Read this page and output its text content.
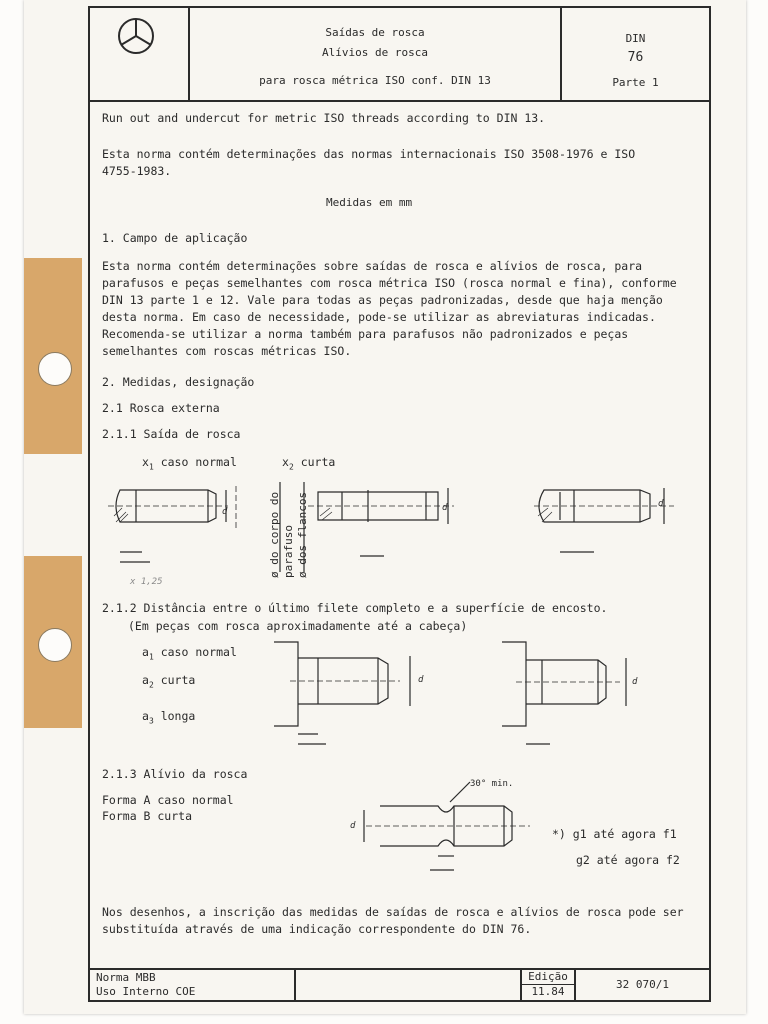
Saídas de rosca
Alívios de rosca
para rosca métrica ISO conf. DIN 13
DIN
76
Parte 1
Run out and undercut for metric ISO threads according to DIN 13.
Esta norma contém determinações das normas internacionais ISO 3508-1976 e ISO 4755-1983.
Medidas em mm
1. Campo de aplicação
Esta norma contém determinações sobre saídas de rosca e alívios de rosca, para parafusos e peças semelhantes com rosca métrica ISO (rosca normal e fina), conforme DIN 13 parte 1 e 12. Vale para todas as peças padronizadas, desde que haja menção desta norma. Em caso de necessidade, pode-se utilizar as abreviaturas indicadas. Recomenda-se utilizar a norma também para parafusos não padronizados e peças semelhantes com roscas métricas ISO.
2. Medidas, designação
2.1 Rosca externa
2.1.1 Saída de rosca
$x_1$ caso normal	$x_2$ curta
d	d	d
x 1,25
ø do corpo do parafuso ø dos flancos
2.1.2 Distância entre o último filete completo e a superfície de encosto.
(Em peças com rosca aproximadamente até a cabeça)
$a_1$ caso normal
$a_2$ curta
$a_3$ longa
d	d
2.1.3 Alívio da rosca
Forma A caso normal
Forma B curta
30° min.
d
*) g1 até agora f1
g2 até agora f2
Nos desenhos, a inscrição das medidas de saídas de rosca e alívios de rosca pode ser substituída através de uma indicação correspondente do DIN 76.
Norma MBB
Uso Interno COE
Edição
11.84
32 070/1
